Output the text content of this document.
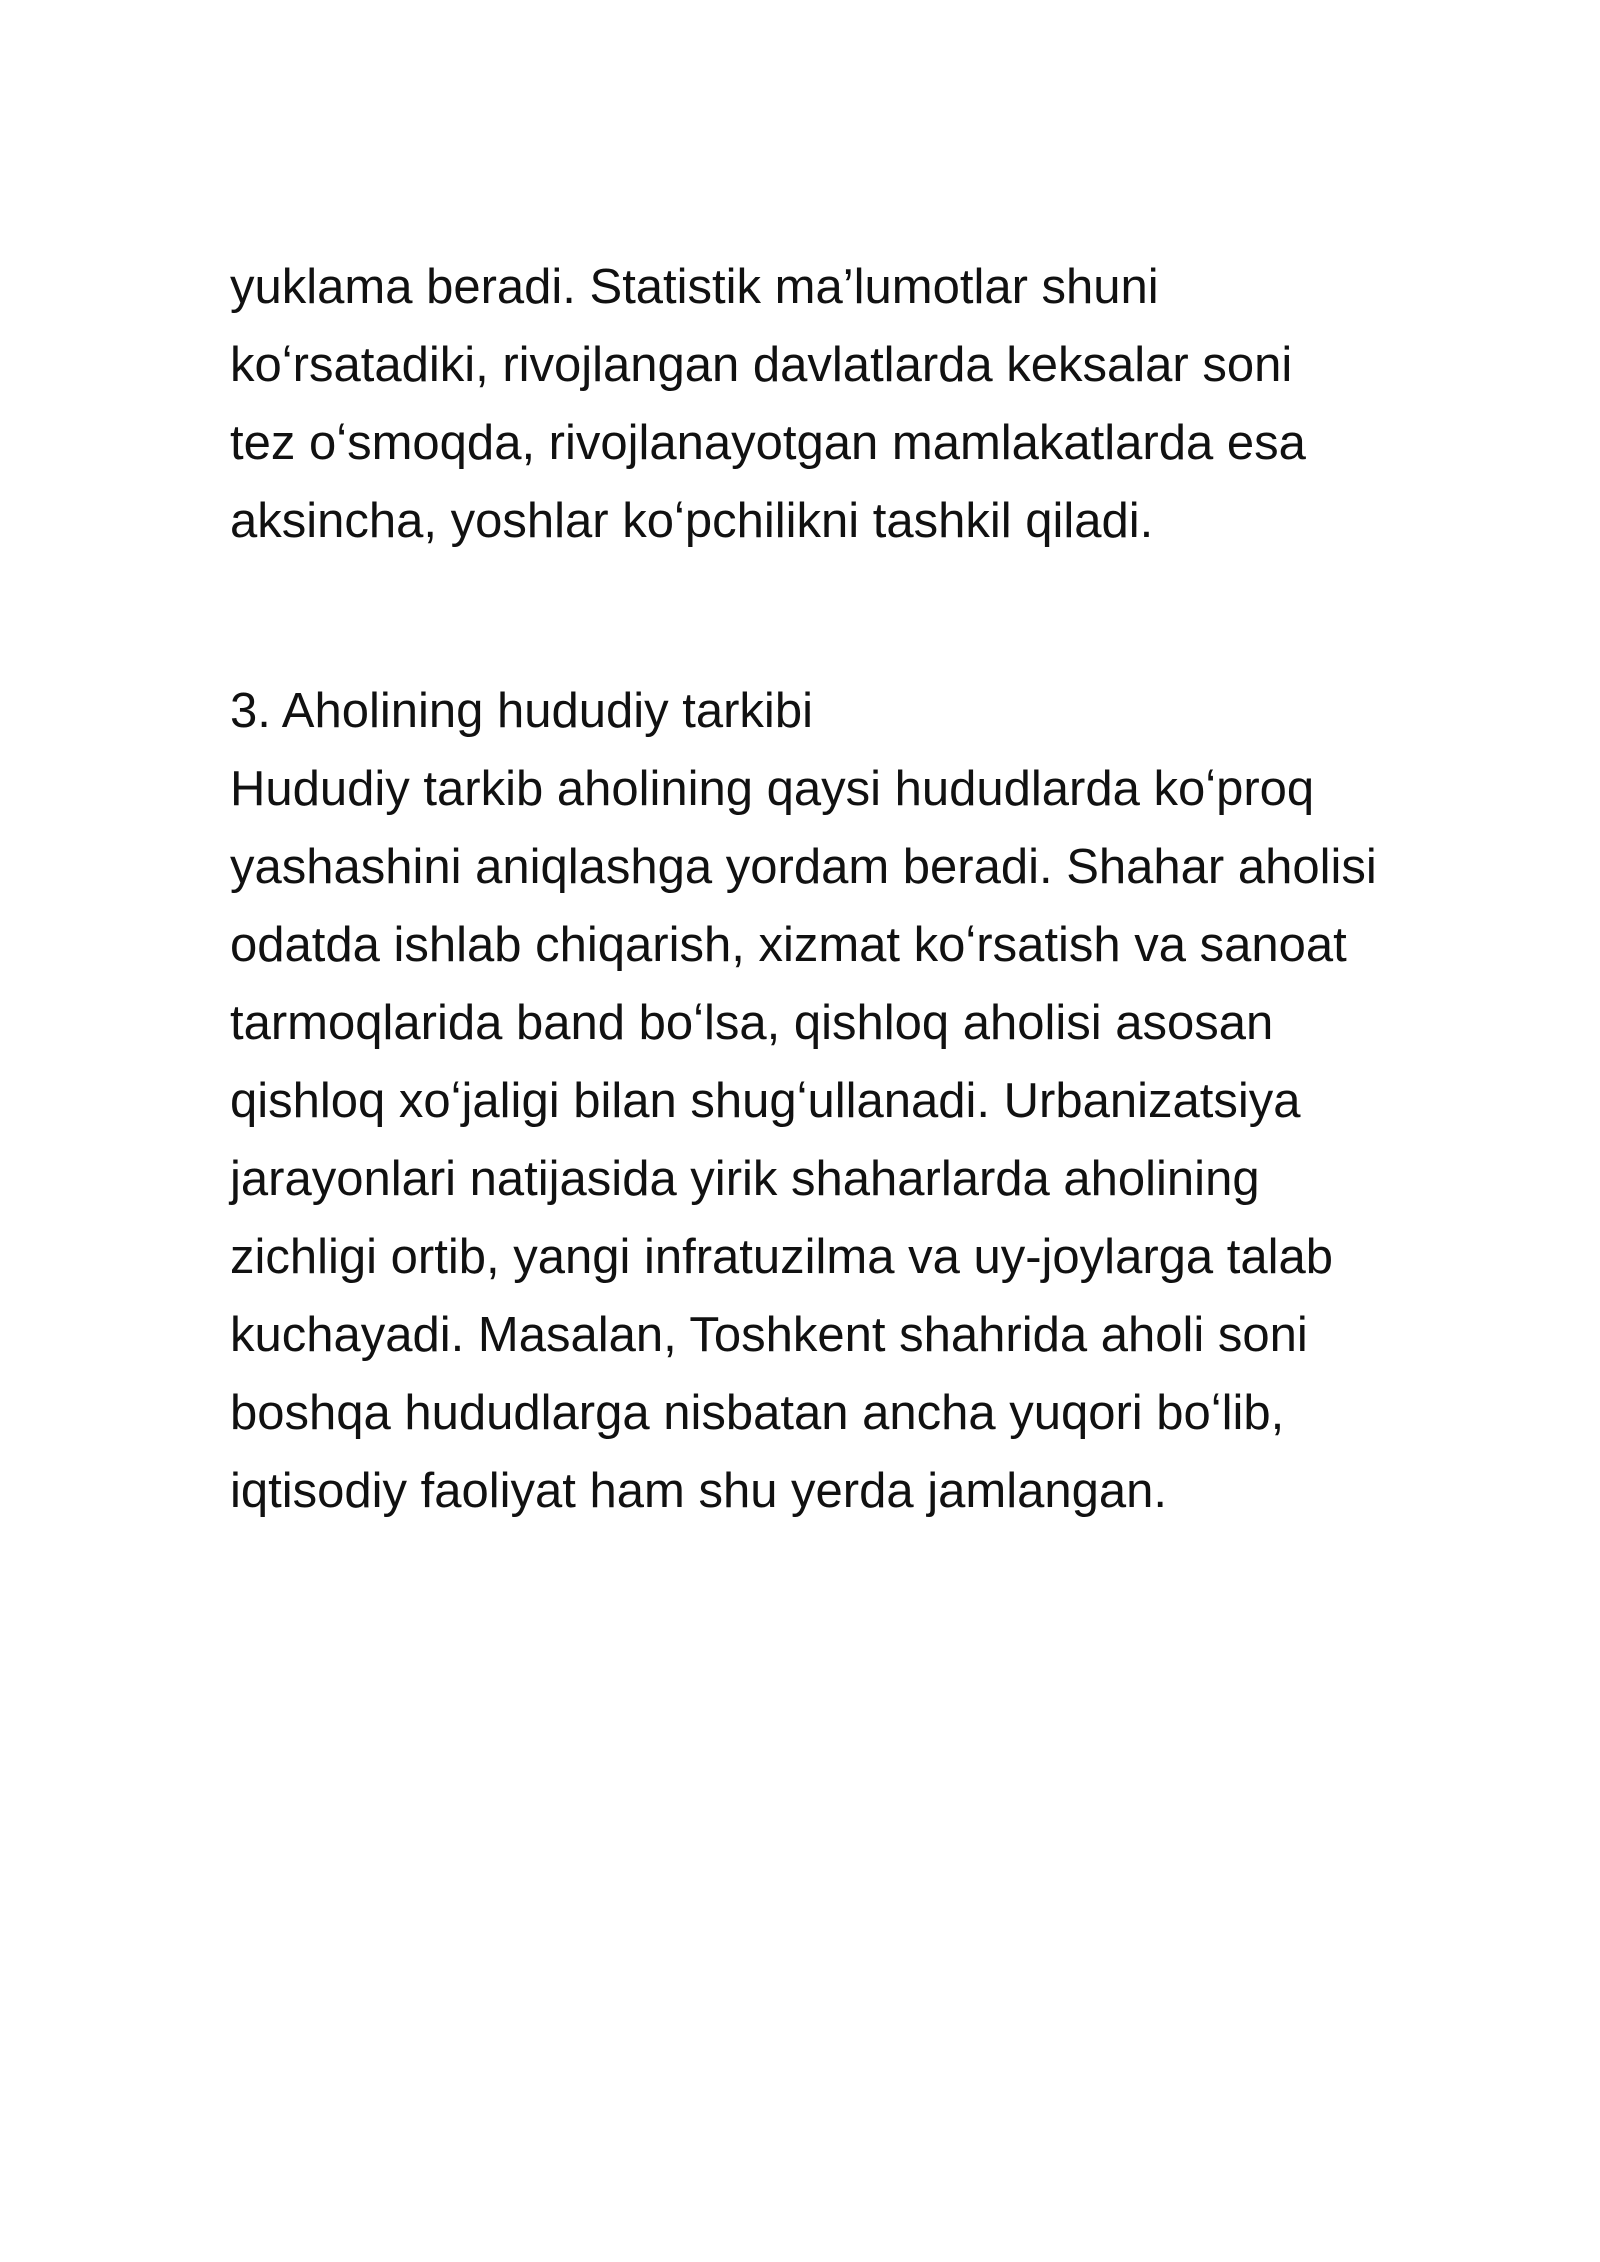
yuklama beradi. Statistik ma’lumotlar shuni
koʻrsatadiki, rivojlangan davlatlarda keksalar soni
tez oʻsmoqda, rivojlanayotgan mamlakatlarda esa
aksincha, yoshlar koʻpchilikni tashkil qiladi.

3. Aholining hududiy tarkibi

Hududiy tarkib aholining qaysi hududlarda koʻproq
yashashini aniqlashga yordam beradi. Shahar aholisi
odatda ishlab chiqarish, xizmat koʻrsatish va sanoat
tarmoqlarida band boʻlsa, qishloq aholisi asosan
qishloq xoʻjaligi bilan shugʻullanadi. Urbanizatsiya
jarayonlari natijasida yirik shaharlarda aholining
zichligi ortib, yangi infratuzilma va uy-joylarga talab
kuchayadi. Masalan, Toshkent shahrida aholi soni
boshqa hududlarga nisbatan ancha yuqori boʻlib,
iqtisodiy faoliyat ham shu yerda jamlangan.
